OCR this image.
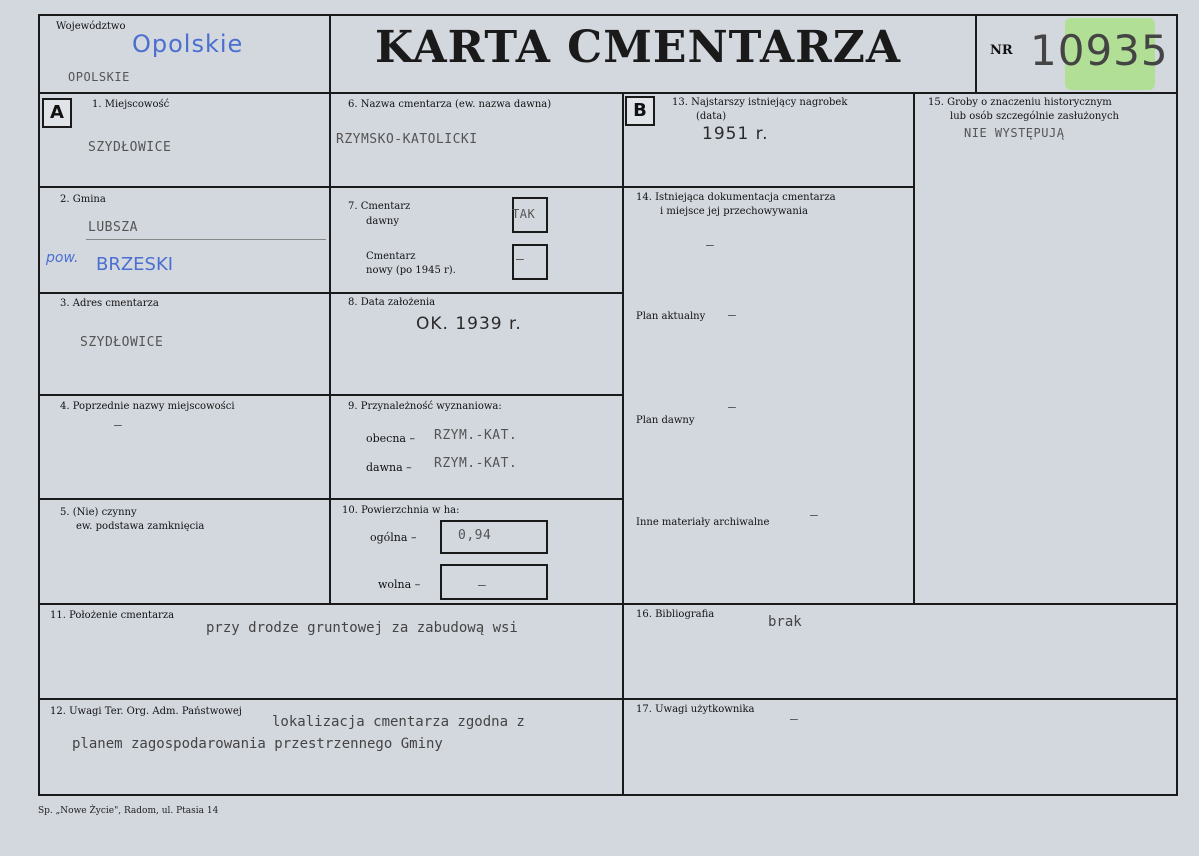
Województwo
Opolskie
OPOLSKIE
KARTA CMENTARZA	NR 10935
A	B
1. Miejscowość
SZYDŁOWICE
2. Gmina
LUBSZA
pow. BRZESKI
3. Adres cmentarza
SZYDŁOWICE
4. Poprzednie nazwy miejscowości
–
5. (Nie) czynny
ew. podstawa zamknięcia
6. Nazwa cmentarza (ew. nazwa dawna)
RZYMSKO-KATOLICKI
7. Cmentarz
dawny
TAK
Cmentarz
nowy (po 1945 r).
–
8. Data założenia
OK. 1939 r.
9. Przynależność wyznaniowa:
obecna – RZYM.-KAT.
dawna – RZYM.-KAT.
10. Powierzchnia w ha:
ogólna –	0,94
wolna –	–
13. Najstarszy istniejący nagrobek
(data)
1951 r.
14. Istniejąca dokumentacja cmentarza
i miejsce jej przechowywania
–
Plan aktualny –
Plan dawny
–
Inne materiały archiwalne	–
15. Groby o znaczeniu historycznym
lub osób szczególnie zasłużonych
NIE WYSTĘPUJĄ
11. Położenie cmentarza
przy drodze gruntowej za zabudową wsi
12. Uwagi Ter. Org. Adm. Państwowej
lokalizacja cmentarza zgodna z
planem zagospodarowania przestrzennego Gminy
16. Bibliografia	brak
17. Uwagi użytkownika
–
Sp. „Nowe Życie", Radom, ul. Ptasia 14
